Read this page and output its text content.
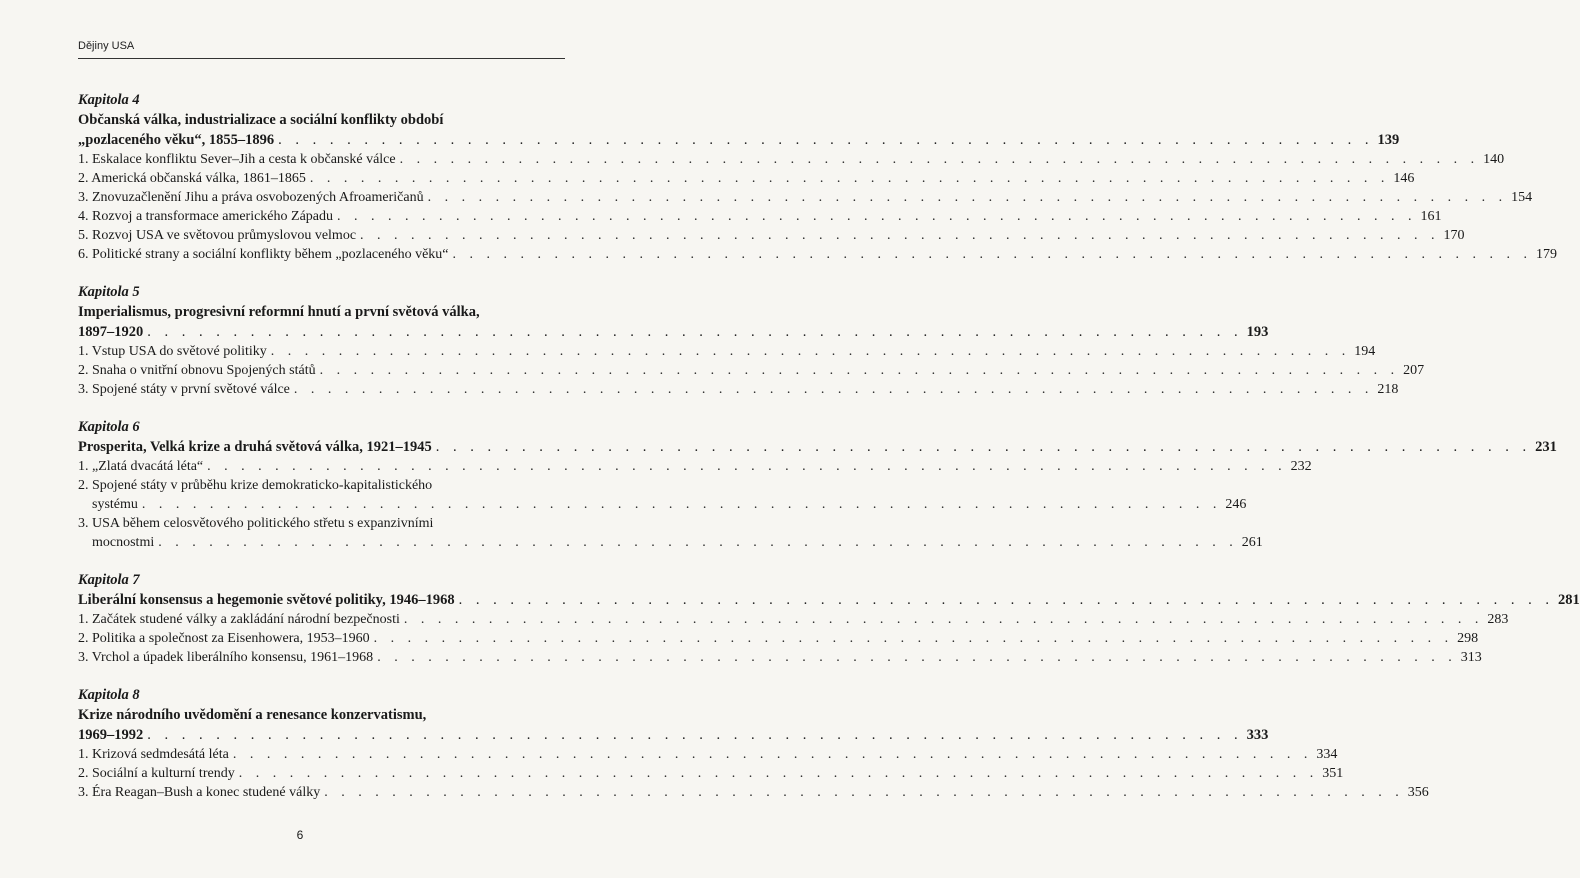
Dějiny USA
Kapitola 4
Občanská válka, industrializace a sociální konflikty období
„pozlaceného věku“, 1855–1896 . . . . . . . . . . . . . . . . . . . . . . . . . . . . . . . . . . . . . . . . . . . . . . . . . . . . . . . . . . . . . . . . 139
1. Eskalace konfliktu Sever–Jih a cesta k občanské válce . . . . . . . . . . . . . . . . . . . . . . . . . . . . . . . . . . . . . . . . . . . . . . . . . . . . . . . . . . . . . . . . 140
2. Americká občanská válka, 1861–1865 . . . . . . . . . . . . . . . . . . . . . . . . . . . . . . . . . . . . . . . . . . . . . . . . . . . . . . . . . . . . . . . . 146
3. Znovuzačlenění Jihu a práva osvobozených Afroameričanů . . . . . . . . . . . . . . . . . . . . . . . . . . . . . . . . . . . . . . . . . . . . . . . . . . . . . . . . . . . . . . . . 154
4. Rozvoj a transformace amerického Západu . . . . . . . . . . . . . . . . . . . . . . . . . . . . . . . . . . . . . . . . . . . . . . . . . . . . . . . . . . . . . . . . 161
5. Rozvoj USA ve světovou průmyslovou velmoc . . . . . . . . . . . . . . . . . . . . . . . . . . . . . . . . . . . . . . . . . . . . . . . . . . . . . . . . . . . . . . . . 170
6. Politické strany a sociální konflikty během „pozlaceného věku“ . . . . . . . . . . . . . . . . . . . . . . . . . . . . . . . . . . . . . . . . . . . . . . . . . . . . . . . . . . . . . . . . 179
Kapitola 5
Imperialismus, progresivní reformní hnutí a první světová válka,
1897–1920 . . . . . . . . . . . . . . . . . . . . . . . . . . . . . . . . . . . . . . . . . . . . . . . . . . . . . . . . . . . . . . . . 193
1. Vstup USA do světové politiky . . . . . . . . . . . . . . . . . . . . . . . . . . . . . . . . . . . . . . . . . . . . . . . . . . . . . . . . . . . . . . . . 194
2. Snaha o vnitřní obnovu Spojených států . . . . . . . . . . . . . . . . . . . . . . . . . . . . . . . . . . . . . . . . . . . . . . . . . . . . . . . . . . . . . . . . 207
3. Spojené státy v první světové válce . . . . . . . . . . . . . . . . . . . . . . . . . . . . . . . . . . . . . . . . . . . . . . . . . . . . . . . . . . . . . . . . 218
Kapitola 6
Prosperita, Velká krize a druhá světová válka, 1921–1945 . . . . . . . . . . . . . . . . . . . . . . . . . . . . . . . . . . . . . . . . . . . . . . . . . . . . . . . . . . . . . . . . 231
1. „Zlatá dvacátá léta“ . . . . . . . . . . . . . . . . . . . . . . . . . . . . . . . . . . . . . . . . . . . . . . . . . . . . . . . . . . . . . . . . 232
2. Spojené státy v průběhu krize demokraticko-kapitalistického
systému . . . . . . . . . . . . . . . . . . . . . . . . . . . . . . . . . . . . . . . . . . . . . . . . . . . . . . . . . . . . . . . . 246
3. USA během celosvětového politického střetu s expanzivními
mocnostmi . . . . . . . . . . . . . . . . . . . . . . . . . . . . . . . . . . . . . . . . . . . . . . . . . . . . . . . . . . . . . . . . 261
Kapitola 7
Liberální konsensus a hegemonie světové politiky, 1946–1968 . . . . . . . . . . . . . . . . . . . . . . . . . . . . . . . . . . . . . . . . . . . . . . . . . . . . . . . . . . . . . . . . 281
1. Začátek studené války a zakládání národní bezpečnosti . . . . . . . . . . . . . . . . . . . . . . . . . . . . . . . . . . . . . . . . . . . . . . . . . . . . . . . . . . . . . . . . 283
2. Politika a společnost za Eisenhowera, 1953–1960 . . . . . . . . . . . . . . . . . . . . . . . . . . . . . . . . . . . . . . . . . . . . . . . . . . . . . . . . . . . . . . . . 298
3. Vrchol a úpadek liberálního konsensu, 1961–1968 . . . . . . . . . . . . . . . . . . . . . . . . . . . . . . . . . . . . . . . . . . . . . . . . . . . . . . . . . . . . . . . . 313
Kapitola 8
Krize národního uvědomění a renesance konzervatismu,
1969–1992 . . . . . . . . . . . . . . . . . . . . . . . . . . . . . . . . . . . . . . . . . . . . . . . . . . . . . . . . . . . . . . . . 333
1. Krizová sedmdesátá léta . . . . . . . . . . . . . . . . . . . . . . . . . . . . . . . . . . . . . . . . . . . . . . . . . . . . . . . . . . . . . . . . 334
2. Sociální a kulturní trendy . . . . . . . . . . . . . . . . . . . . . . . . . . . . . . . . . . . . . . . . . . . . . . . . . . . . . . . . . . . . . . . . 351
3. Éra Reagan–Bush a konec studené války . . . . . . . . . . . . . . . . . . . . . . . . . . . . . . . . . . . . . . . . . . . . . . . . . . . . . . . . . . . . . . . . 356
6
